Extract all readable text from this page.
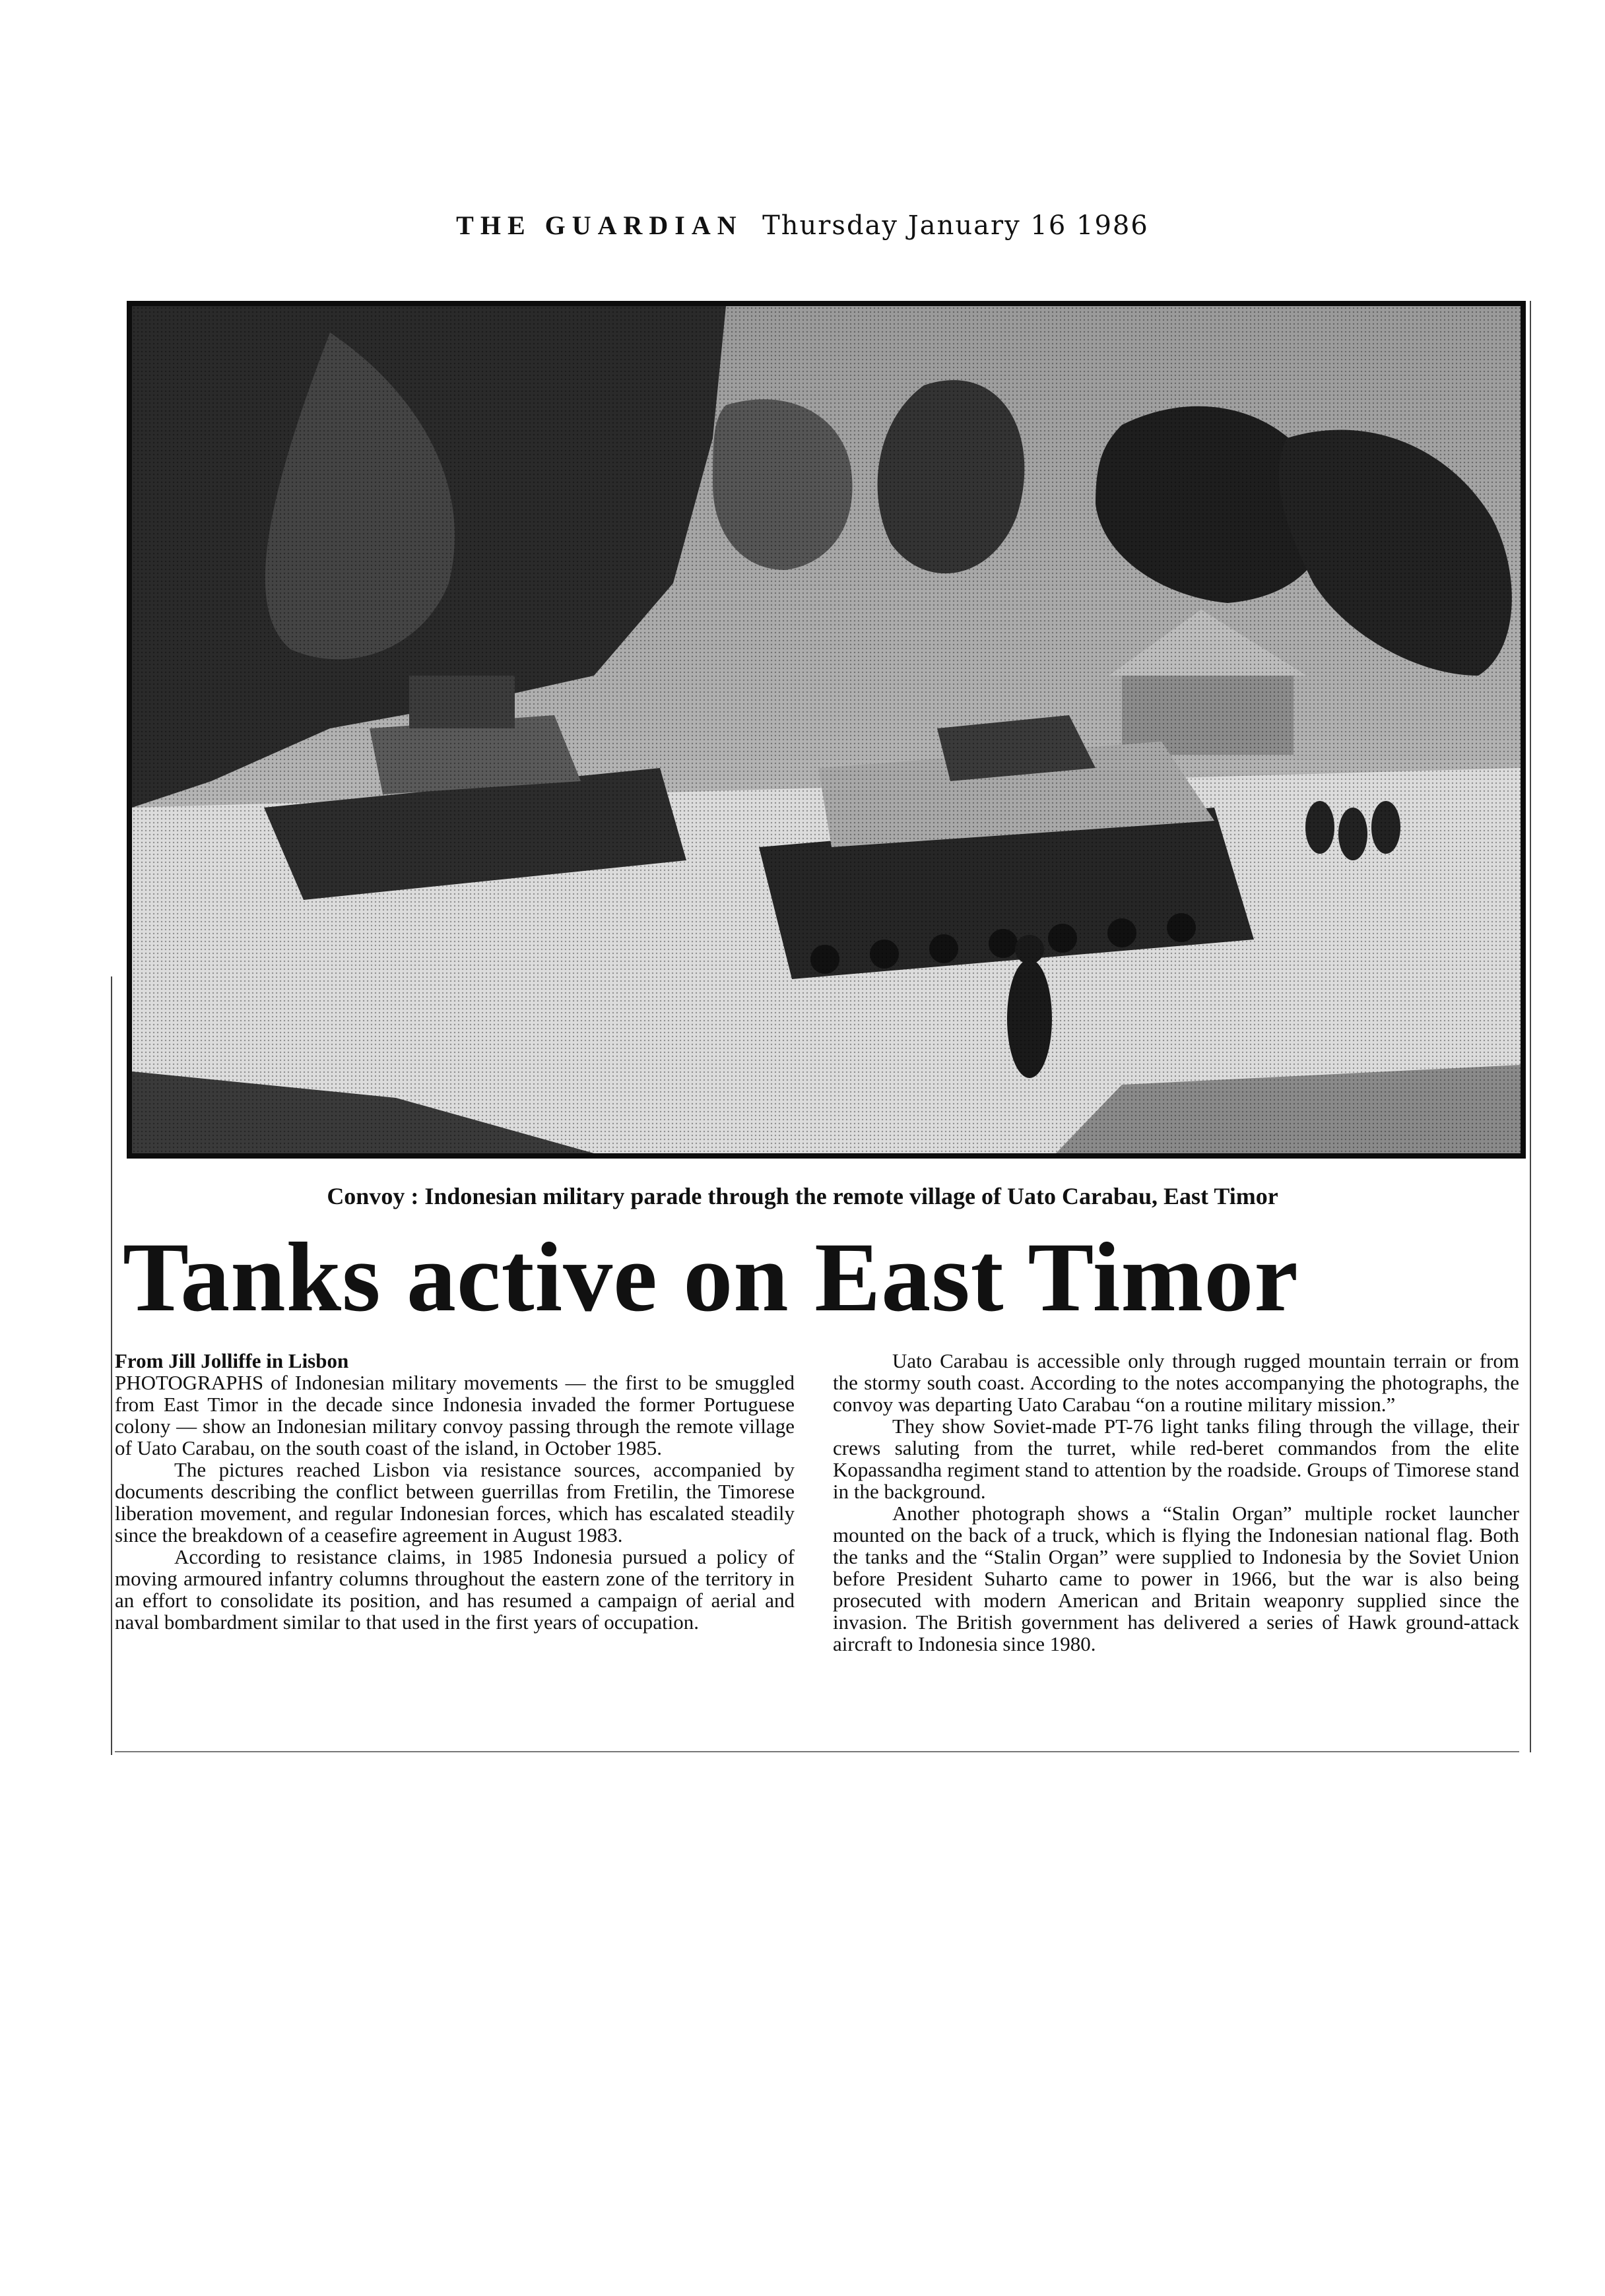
THE GUARDIAN Thursday January 16 1986
Convoy : Indonesian military parade through the remote village of Uato Carabau, East Timor
Tanks active on East Timor

From Jill Jolliffe in Lisbon

PHOTOGRAPHS of Indonesian military movements — the first to be smuggled from East Timor in the decade since Indonesia invaded the former Portuguese colony — show an Indonesian military convoy passing through the remote village of Uato Carabau, on the south coast of the island, in October 1985.

The pictures reached Lisbon via resistance sources, accompanied by documents describing the conflict between guerrillas from Fretilin, the Timorese liberation movement, and regular Indonesian forces, which has escalated steadily since the breakdown of a ceasefire agreement in August 1983.

According to resistance claims, in 1985 Indonesia pursued a policy of moving armoured infantry columns throughout the eastern zone of the territory in an effort to consolidate its position, and has resumed a campaign of aerial and naval bombardment similar to that used in the first years of occupation.

Uato Carabau is accessible only through rugged mountain terrain or from the stormy south coast. According to the notes accompanying the photographs, the convoy was departing Uato Carabau “on a routine military mission.”

They show Soviet-made PT-76 light tanks filing through the village, their crews saluting from the turret, while red-beret commandos from the elite Kopassandha regiment stand to attention by the roadside. Groups of Timorese stand in the background.

Another photograph shows a “Stalin Organ” multiple rocket launcher mounted on the back of a truck, which is flying the Indonesian national flag. Both the tanks and the “Stalin Organ” were supplied to Indonesia by the Soviet Union before President Suharto came to power in 1966, but the war is also being prosecuted with modern American and Britain weaponry supplied since the invasion. The British government has delivered a series of Hawk ground-attack aircraft to Indonesia since 1980.
